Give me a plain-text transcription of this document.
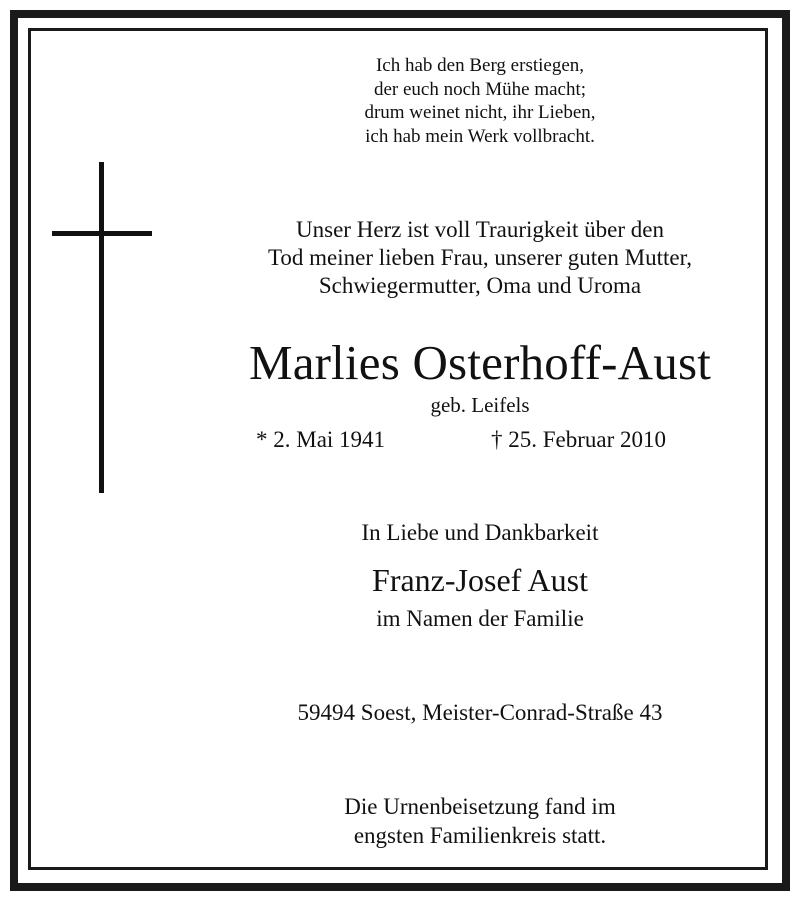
Ich hab den Berg erstiegen,
der euch noch Mühe macht;
drum weinet nicht, ihr Lieben,
ich hab mein Werk vollbracht.
Unser Herz ist voll Traurigkeit über den
Tod meiner lieben Frau, unserer guten Mutter,
Schwiegermutter, Oma und Uroma
Marlies Osterhoff-Aust
geb. Leifels
* 2. Mai 1941	† 25. Februar 2010
In Liebe und Dankbarkeit
Franz-Josef Aust
im Namen der Familie
59494 Soest, Meister-Conrad-Straße 43
Die Urnenbeisetzung fand im
engsten Familienkreis statt.
